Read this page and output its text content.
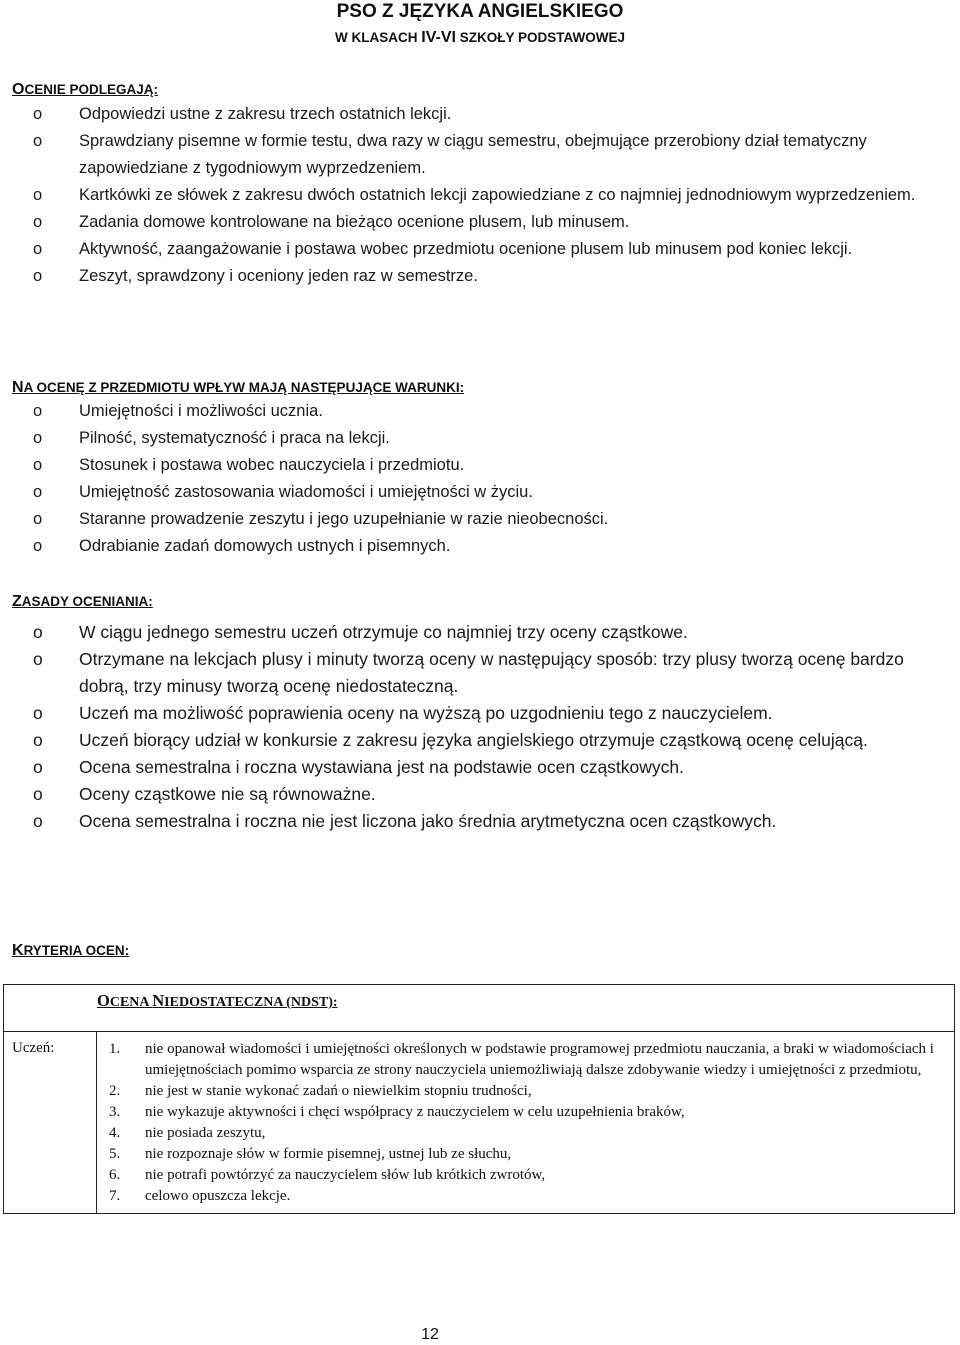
PSO Z JĘZYKA ANGIELSKIEGO
W KLASACH IV-VI SZKOŁY PODSTAWOWEJ

OCENIE PODLEGAJĄ:

o Odpowiedzi ustne z zakresu trzech ostatnich lekcji.
o Sprawdziany pisemne w formie testu, dwa razy w ciągu semestru, obejmujące przerobiony dział tematyczny zapowiedziane z tygodniowym wyprzedzeniem.
o Kartkówki ze słówek z zakresu dwóch ostatnich lekcji zapowiedziane z co najmniej jednodniowym wyprzedzeniem.
o Zadania domowe kontrolowane na bieżąco ocenione plusem, lub minusem.
o Aktywność, zaangażowanie i postawa wobec przedmiotu ocenione plusem lub minusem pod koniec lekcji.
o Zeszyt, sprawdzony i oceniony jeden raz w semestrze.

NA OCENĘ Z PRZEDMIOTU WPŁYW MAJĄ NASTĘPUJĄCE WARUNKI:

o Umiejętności i możliwości ucznia.
o Pilność, systematyczność i praca na lekcji.
o Stosunek i postawa wobec nauczyciela i przedmiotu.
o Umiejętność zastosowania wiadomości i umiejętności w życiu.
o Staranne prowadzenie zeszytu i jego uzupełnianie w razie nieobecności.
o Odrabianie zadań domowych ustnych i pisemnych.

ZASADY OCENIANIA:

o W ciągu jednego semestru uczeń otrzymuje co najmniej trzy oceny cząstkowe.
o Otrzymane na lekcjach plusy i minuty tworzą oceny w następujący sposób: trzy plusy tworzą ocenę bardzo dobrą, trzy minusy tworzą ocenę niedostateczną.
o Uczeń ma możliwość poprawienia oceny na wyższą po uzgodnieniu tego z nauczycielem.
o Uczeń biorący udział w konkursie z zakresu języka angielskiego otrzymuje cząstkową ocenę celującą.
o Ocena semestralna i roczna wystawiana jest na podstawie ocen cząstkowych.
o Oceny cząstkowe nie są równoważne.
o Ocena semestralna i roczna nie jest liczona jako średnia arytmetyczna ocen cząstkowych.

KRYTERIA OCEN:

OCENA NIEDOSTATECZNA (NDST):

Uczeń:	1. nie opanował wiadomości i umiejętności określonych w podstawie programowej przedmiotu nauczania, a braki w wiadomościach i umiejętnościach pomimo wsparcia ze strony nauczyciela uniemożliwiają dalsze zdobywanie wiedzy i umiejętności z przedmiotu,
2. nie jest w stanie wykonać zadań o niewielkim stopniu trudności,
3. nie wykazuje aktywności i chęci współpracy z nauczycielem w celu uzupełnienia braków,
4. nie posiada zeszytu,
5. nie rozpoznaje słów w formie pisemnej, ustnej lub ze słuchu,
6. nie potrafi powtórzyć za nauczycielem słów lub krótkich zwrotów,
7. celowo opuszcza lekcje.
12
